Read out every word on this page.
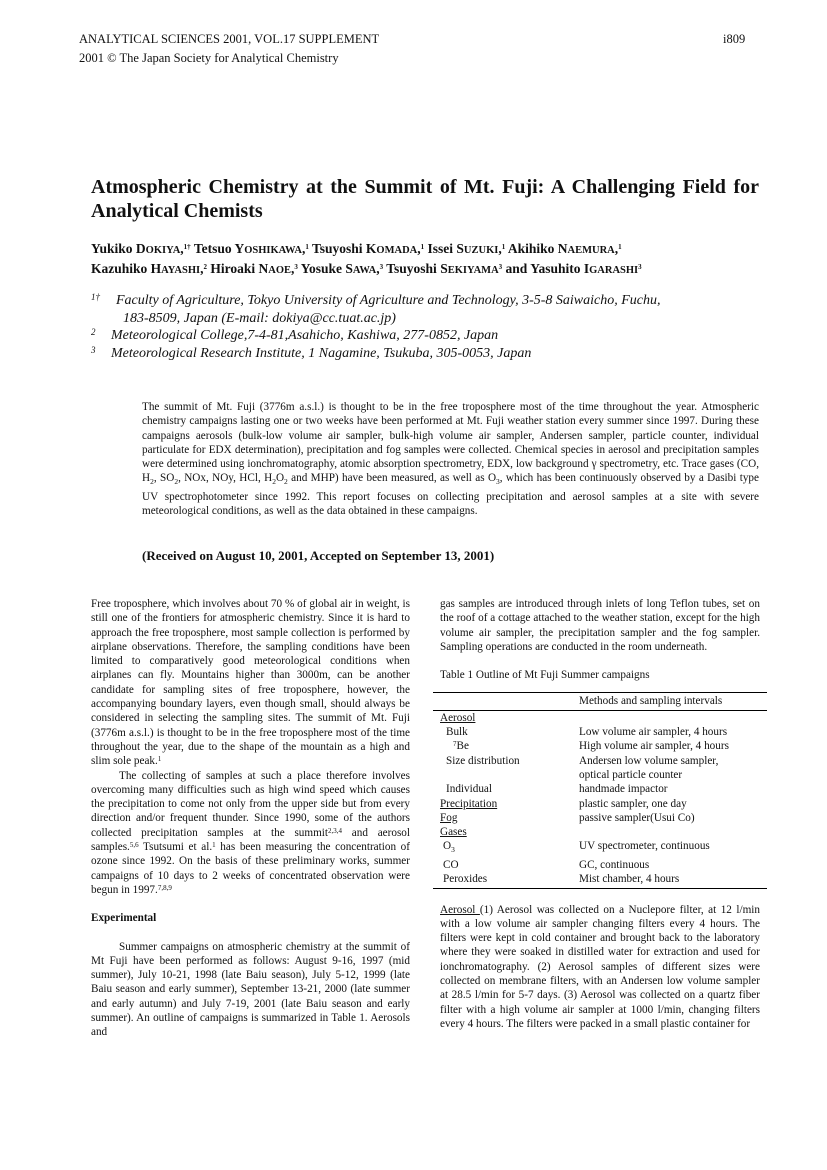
ANALYTICAL SCIENCES 2001, VOL.17 SUPPLEMENT	i809
2001 © The Japan Society for Analytical Chemistry
Atmospheric Chemistry at the Summit of Mt. Fuji: A Challenging Field for Analytical Chemists
Yukiko DOKIYA,$^{1\dagger}$ Tetsuo YOSHIKAWA,$^1$ Tsuyoshi KOMADA,$^1$ Issei SUZUKI,$^1$ Akihiko NAEMURA,$^1$
Kazuhiko HAYASHI,$^2$ Hiroaki NAOE,$^3$ Yosuke SAWA,$^3$ Tsuyoshi SEKIYAMA$^3$ and Yasuhito IGARASHI$^3$
1† Faculty of Agriculture, Tokyo University of Agriculture and Technology, 3-5-8 Saiwaicho, Fuchu,
183-8509, Japan (E-mail: dokiya@cc.tuat.ac.jp)
2 Meteorological College,7-4-81,Asahicho, Kashiwa, 277-0852, Japan
3 Meteorological Research Institute, 1 Nagamine, Tsukuba, 305-0053, Japan
The summit of Mt. Fuji (3776m a.s.l.) is thought to be in the free troposphere most of the time throughout the year. Atmospheric chemistry campaigns lasting one or two weeks have been performed at Mt. Fuji weather station every summer since 1997. During these campaigns aerosols (bulk-low volume air sampler, bulk-high volume air sampler, Andersen sampler, particle counter, individual particulate for EDX determination), precipitation and fog samples were collected. Chemical species in aerosol and precipitation samples were determined using ionchromatography, atomic absorption spectrometry, EDX, low background γ spectrometry, etc. Trace gases (CO, $H_2$, $SO_2$, NOx, NOy, HCl, $H_2O_2$ and MHP) have been measured, as well as $O_3$, which has been continuously observed by a Dasibi type UV spectrophotometer since 1992. This report focuses on collecting precipitation and aerosol samples at a site with severe meteorological conditions, as well as the data obtained in these campaigns.
(Received on August 10, 2001, Accepted on September 13, 2001)

Free troposphere, which involves about 70 % of global air in weight, is still one of the frontiers for atmospheric chemistry. Since it is hard to approach the free troposphere, most sample collection is performed by airplane observations. Therefore, the sampling conditions have been limited to comparatively good meteorological conditions when airplanes can fly. Mountains higher than 3000m, can be another candidate for sampling sites of free troposphere, however, the accompanying boundary layers, even though small, should always be considered in selecting the sampling sites. The summit of Mt. Fuji (3776m a.s.l.) is thought to be in the free troposphere most of the time throughout the year, due to the shape of the mountain as a high and slim sole peak.$^1$

The collecting of samples at such a place therefore involves overcoming many difficulties such as high wind speed which causes the precipitation to come not only from the upper side but from every direction and/or frequent thunder. Since 1990, some of the authors collected precipitation samples at the summit$^{2,3,4}$ and aerosol samples.$^{5,6}$ Tsutsumi et al.$^1$ has been measuring the concentration of ozone since 1992. On the basis of these preliminary works, summer campaigns of 10 days to 2 weeks of concentrated observation were begun in 1997.$^{7,8,9}$

Experimental

Summer campaigns on atmospheric chemistry at the summit of Mt Fuji have been performed as follows: August 9-16, 1997 (mid summer), July 10-21, 1998 (late Baiu season), July 5-12, 1999 (late Baiu season and early summer), September 13-21, 2000 (late summer and early autumn) and July 7-19, 2001 (late Baiu season and early summer). An outline of campaigns is summarized in Table 1. Aerosols and

gas samples are introduced through inlets of long Teflon tubes, set on the roof of a cottage attached to the weather station, except for the high volume air sampler, the precipitation sampler and the fog sampler. Sampling operations are conducted in the room underneath.

Table 1 Outline of Mt Fuji Summer campaigns

	Methods and sampling intervals
Aerosol	
Bulk	Low volume air sampler, 4 hours
$^7$Be	High volume air sampler, 4 hours
Size distribution	Andersen low volume sampler,
	optical particle counter
Individual	handmade impactor
Precipitation	plastic sampler, one day
Fog	passive sampler(Usui Co)
Gases	
$O_3$	UV spectrometer, continuous
CO	GC, continuous
Peroxides	Mist chamber, 4 hours

Aerosol (1) Aerosol was collected on a Nuclepore filter, at 12 l/min with a low volume air sampler changing filters every 4 hours. The filters were kept in cold container and brought back to the laboratory where they were soaked in distilled water for extraction and used for ionchromatography. (2) Aerosol samples of different sizes were collected on membrane filters, with an Andersen low volume sampler at 28.5 l/min for 5-7 days. (3) Aerosol was collected on a quartz fiber filter with a high volume air sampler at 1000 l/min, changing filters every 4 hours. The filters were packed in a small plastic container for
